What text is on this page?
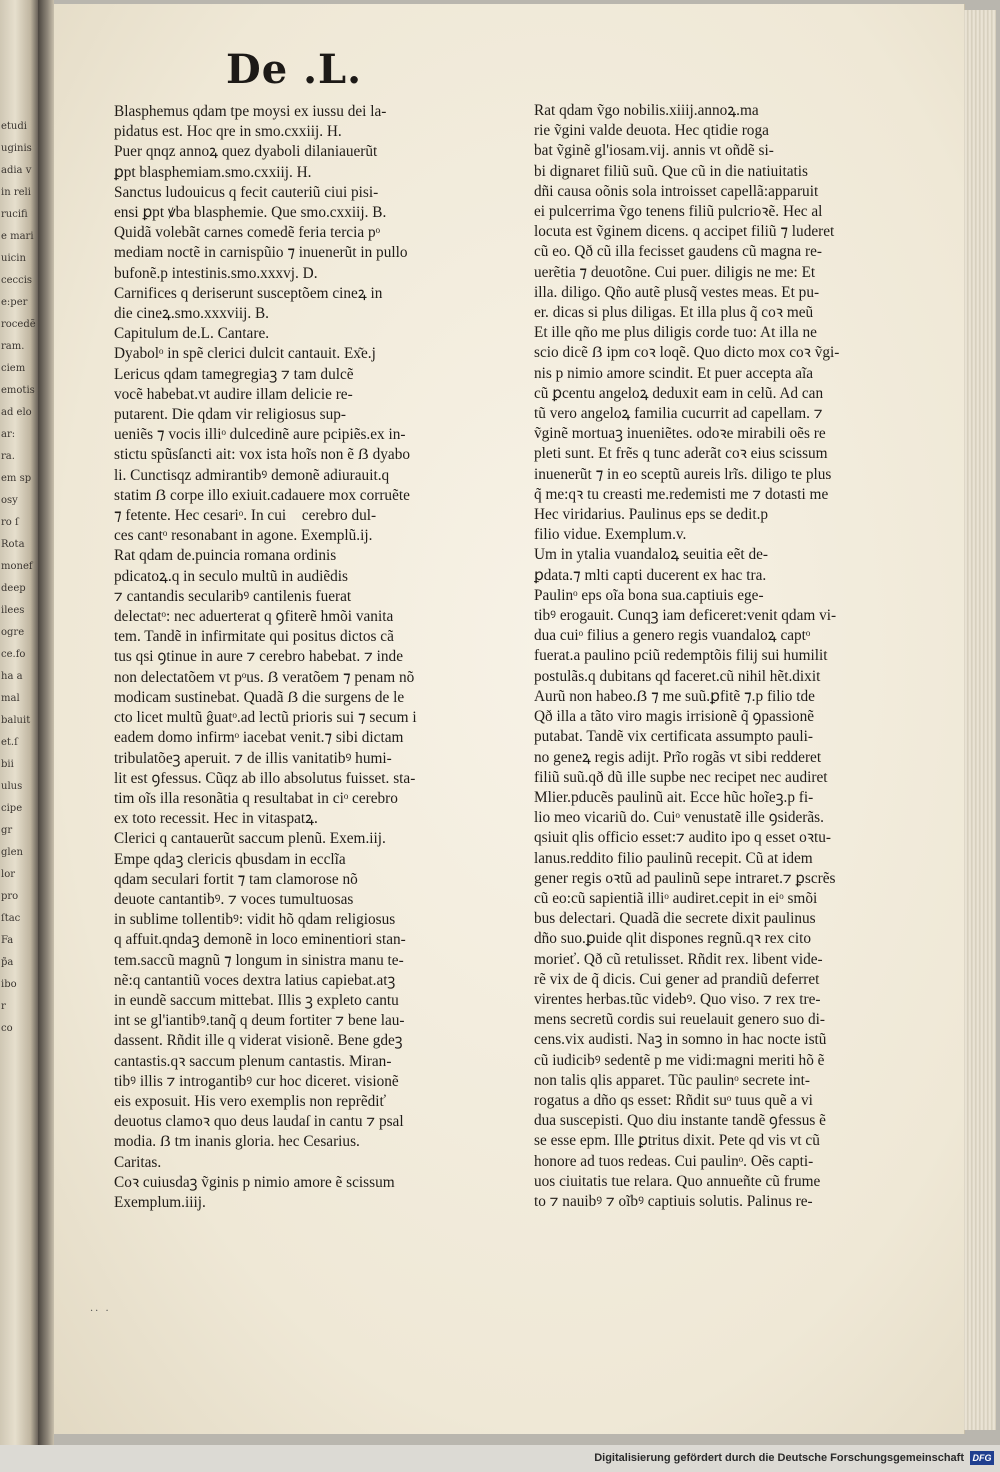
etudi
uginis
adia v
in reli
rucifi
e mari
uicin
ceccis
e:per
rocedẽ
ram.
ciem
emotis
ad elo
ar:
ra.
em sp
osy
ro ſ
Rota
monef
deep
ilees
ogre
ce.fo
ha a
mal
baluit
et.ſ
bii
ulus
cipe
gr
glen
lor
pro
ſtac
Fa
p̃a
ibo
r
co
De .L.
Blasphemus qdam tpe moysi ex iussu dei la-
pidatus est. Hoc qre in smo.cxxiij. H.
Puer qnqz annoꝝ quez dyaboli dilaniauerũt
ꝑpt blasphemiam.smo.cxxiij. H.
Sanctus ludouicus q fecit cauteriũ ciui pisi-
ensi ꝑpt ꝟba blasphemie. Que smo.cxxiij. B.
Quidã volebãt carnes comedẽ feria tercia pᵒ
mediam noctẽ in carnispũio ⁊ inuenerũt in pullo
bufonẽ.p intestinis.smo.xxxvj. D.
Carnifices q deriserunt susceptõem cineꝝ in
die cineꝝ.smo.xxxviij. B.
Capitulum de.L. Cantare.
Dyabolᵒ in spẽ clerici dulcit cantauit. Ex͂e.j
Lericus qdam tamegregiaꝫ ⁊ tam dulcẽ
vocẽ habebat.vt audire illam delicie re-
putarent. Die qdam vir religiosus sup-
ueniẽs ⁊ vocis illiᵒ dulcedinẽ aure pcipiẽs.ex in-
stictu spũsſancti ait: vox ista hoĩs non ẽ ẞ dyabo
li. Cunctisqz admirantibꝰ demonẽ adiurauit.q
statim ẞ corpe illo exiuit.cadauere mox corruẽte
⁊ fetente. Hec cesariᵒ. In cui᷒ cerebro dul-
ces cantᵒ resonabant in agone. Exemplũ.ij.
Rat qdam de.puincia romana ordinis
pdicatoꝝ.q in seculo multũ in audiẽdis
⁊ cantandis secularibꝰ cantilenis fuerat
delectatᵒ: nec aduerterat q ꝯfiterẽ hmõi vanita
tem. Tandẽ in infirmitate qui positus dictos cã
tus qsi ꝯtinue in aure ⁊ cerebro habebat. ⁊ inde
non delectatõem vt pᵒus. ẞ veratõem ⁊ penam nõ
modicam sustinebat. Quadã ẞ die surgens de le
cto licet multũ ĝuatᵒ.ad lectũ prioris sui ⁊ secum i
eadem domo infirmᵒ iacebat venit.⁊ sibi dictam
tribulatõeꝫ aperuit. ⁊ de illis vanitatibꝰ humi-
lit est ꝯfessus. Cũqz ab illo absolutus fuisset. sta-
tim oĩs illa resonãtia q resultabat in ciᵒ cerebro
ex toto recessit. Hec in vitaspatꝝ.
Clerici q cantauerũt saccum plenũ. Exem.iij.
Empe qdaꝫ clericis qbusdam in ecclĩa
qdam seculari fortit ⁊ tam clamorose nõ
deuote cantantibꝰ. ⁊ voces tumultuosas
in sublime tollentibꝰ: vidit hõ qdam religiosus
q affuit.qndaꝫ demonẽ in loco eminentiori stan-
tem.saccũ magnũ ⁊ longum in sinistra manu te-
nẽ:q cantantiũ voces dextra latius capiebat.atꝫ
in eundẽ saccum mittebat. Illis ꝫ expleto cantu
int se gl'iantibꝰ.tanq̃ q deum fortiter ⁊ bene lau-
dassent. Rñdit ille q viderat visionẽ. Bene gdeꝫ
cantastis.qꝛ saccum plenum cantastis. Miran-
tibꝰ illis ⁊ introgantibꝰ cur hoc diceret. visionẽ
eis exposuit. His vero exemplis non reprẽdiť
deuotus clamoꝛ quo deus laudaſ in cantu ⁊ psal
modia. ẞ tm inanis gloria. hec Cesarius.
Caritas.
Coꝛ cuiusdaꝫ ṽginis p nimio amore ẽ scissum
Exemplum.iiij.
Rat qdam ṽgo nobilis.xiiij.annoꝝ.ma
rie ṽgini valde deuota. Hec qtidie roga
bat ṽginẽ gl'iosam.vij. annis vt oñdẽ si-
bi dignaret filiũ suũ. Que cũ in die natiuitatis
dñi causa oõnis sola introisset capellã:apparuit
ei pulcerrima ṽgo tenens filiũ pulcrioꝛẽ. Hec al
locuta est ṽginem dicens. q accipet filiũ ⁊ luderet
cũ eo. Qð cũ illa fecisset gaudens cũ magna re-
uerẽtia ⁊ deuotõne. Cui puer. diligis ne me: Et
illa. diligo. Qño autẽ plusq̃ vestes meas. Et pu-
er. dicas si plus diligas. Et illa plus q̃ coꝛ meũ
Et ille qño me plus diligis corde tuo: At illa ne
scio dicẽ ẞ ipm coꝛ loqẽ. Quo dicto mox coꝛ ṽgi-
nis p nimio amore scindit. Et puer accepta aĩa
cũ ꝑcentu angeloꝝ deduxit eam in celũ. Ad can
tũ vero angeloꝝ familia cucurrit ad capellam. ⁊
ṽginẽ mortuaꝫ inueniẽtes. odoꝛe mirabili oẽs re
pleti sunt. Et frẽs q tunc aderãt coꝛ eius scissum
inuenerũt ⁊ in eo sceptũ aureis lrĩs. diligo te plus
q̃ me:qꝛ tu creasti me.redemisti me ⁊ dotasti me
Hec viridarius. Paulinus eps se dedit.p
filio vidue. Exemplum.v.
Um in ytalia vuandaloꝝ seuitia eẽt de-
ꝑdata.⁊ mlti capti ducerent ex hac tra.
Paulinᵒ eps oĩa bona sua.captiuis ege-
tibꝰ erogauit. Cunqꝫ iam deficeret:venit qdam vi-
dua cuiᵒ filius a genero regis vuandaloꝝ captᵒ
fuerat.a paulino pciũ redemptõis filij sui humilit
postulãs.q dubitans qd faceret.cũ nihil hẽt.dixit
Aurũ non habeo.ẞ ⁊ me suũ.ꝑfitẽ ⁊.p filio tde
Qð illa a tãto viro magis irrisionẽ q̃ ꝯpassionẽ
putabat. Tandẽ vix certificata assumpto pauli-
no geneꝝ regis adijt. Prĩo rogãs vt sibi redderet
filiũ suũ.qð dũ ille supbe nec recipet nec audiret
Mlier.pducẽs paulinũ ait. Ecce hũc hoĩeꝫ.p fi-
lio meo vicariũ do. Cuiᵒ venustatẽ ille ꝯsiderãs.
qsiuit qlis officio esset:⁊ audito ipo q esset oꝛtu-
lanus.reddito filio paulinũ recepit. Cũ at idem
gener regis oꝛtũ ad paulinũ sepe intraret.⁊ ꝑscrẽs
cũ eo:cũ sapientiã illiᵒ audiret.cepit in eiᵒ smõi
bus delectari. Quadã die secrete dixit paulinus
dño suo.ꝑuide qlit dispones regnũ.qꝛ rex cito
morieť. Qð cũ retulisset. Rñdit rex. libent vide-
rẽ vix de q̃ dicis. Cui gener ad prandiũ deferret
virentes herbas.tũc videbꝰ. Quo viso. ⁊ rex tre-
mens secretũ cordis sui reuelauit genero suo di-
cens.vix audisti. Naꝫ in somno in hac nocte istũ
cũ iudicibꝰ sedentẽ p me vidi:magni meriti hõ ẽ
non talis qlis apparet. Tũc paulinᵒ secrete int-
rogatus a dño qs esset: Rñdit suᵒ tuus quẽ a vi
dua suscepisti. Quo diu instante tandẽ ꝯfessus ẽ
se esse epm. Ille ꝑtritus dixit. Pete qd vis vt cũ
honore ad tuos redeas. Cui paulinᵒ. Oẽs capti-
uos ciuitatis tue relara. Quo annueñte cũ frume
to ⁊ nauibꝰ ⁊ oĩbꝰ captiuis solutis. Palinus re-
·· ·
Digitalisierung gefördert durch die Deutsche Forschungsgemeinschaft DFG
